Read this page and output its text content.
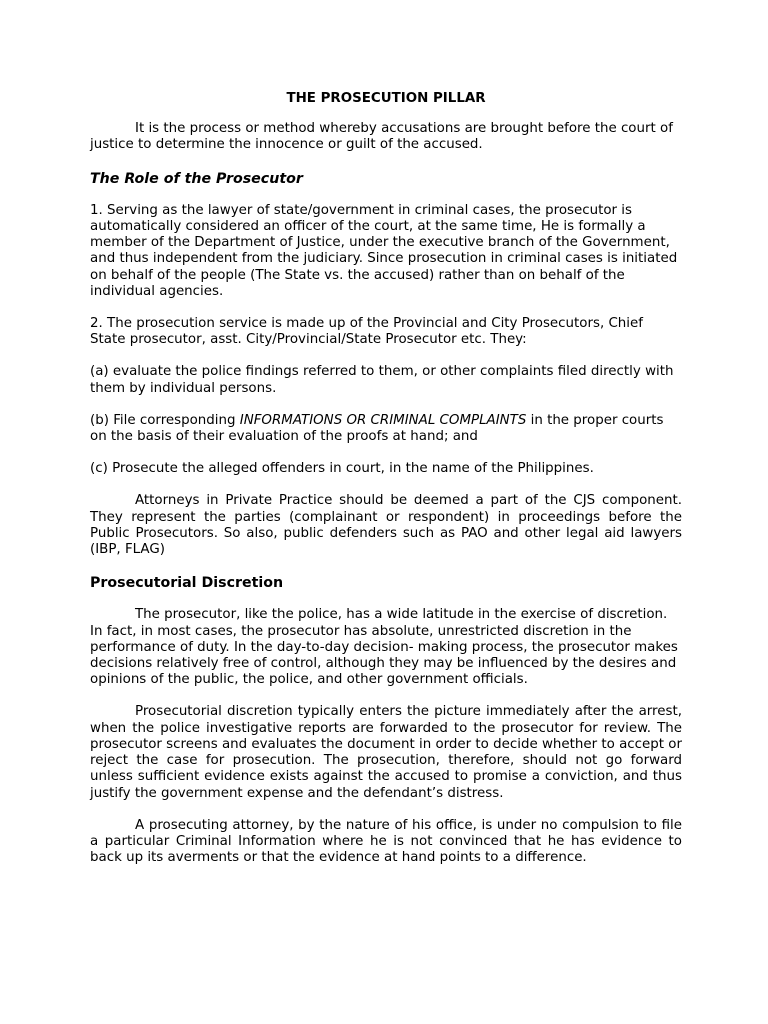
THE PROSECUTION PILLAR

It is the process or method whereby accusations are brought before the court of justice to determine the innocence or guilt of the accused.

The Role of the Prosecutor

1. Serving as the lawyer of state/government in criminal cases, the prosecutor is automatically considered an officer of the court, at the same time, He is formally a member of the Department of Justice, under the executive branch of the Government, and thus independent from the judiciary. Since prosecution in criminal cases is initiated on behalf of the people (The State vs. the accused) rather than on behalf of the individual agencies.

2. The prosecution service is made up of the Provincial and City Prosecutors, Chief State prosecutor, asst. City/Provincial/State Prosecutor etc. They:

(a) evaluate the police findings referred to them, or other complaints filed directly with them by individual persons.

(b) File corresponding INFORMATIONS OR CRIMINAL COMPLAINTS in the proper courts on the basis of their evaluation of the proofs at hand; and

(c) Prosecute the alleged offenders in court, in the name of the Philippines.

Attorneys in Private Practice should be deemed a part of the CJS component. They represent the parties (complainant or respondent) in proceedings before the Public Prosecutors. So also, public defenders such as PAO and other legal aid lawyers (IBP, FLAG)

Prosecutorial Discretion

The prosecutor, like the police, has a wide latitude in the exercise of discretion. In fact, in most cases, the prosecutor has absolute, unrestricted discretion in the performance of duty. In the day-to-day decision- making process, the prosecutor makes decisions relatively free of control, although they may be influenced by the desires and opinions of the public, the police, and other government officials.

Prosecutorial discretion typically enters the picture immediately after the arrest, when the police investigative reports are forwarded to the prosecutor for review. The prosecutor screens and evaluates the document in order to decide whether to accept or reject the case for prosecution. The prosecution, therefore, should not go forward unless sufficient evidence exists against the accused to promise a conviction, and thus justify the government expense and the defendant’s distress.

A prosecuting attorney, by the nature of his office, is under no compulsion to file a particular Criminal Information where he is not convinced that he has evidence to back up its averments or that the evidence at hand points to a difference.
